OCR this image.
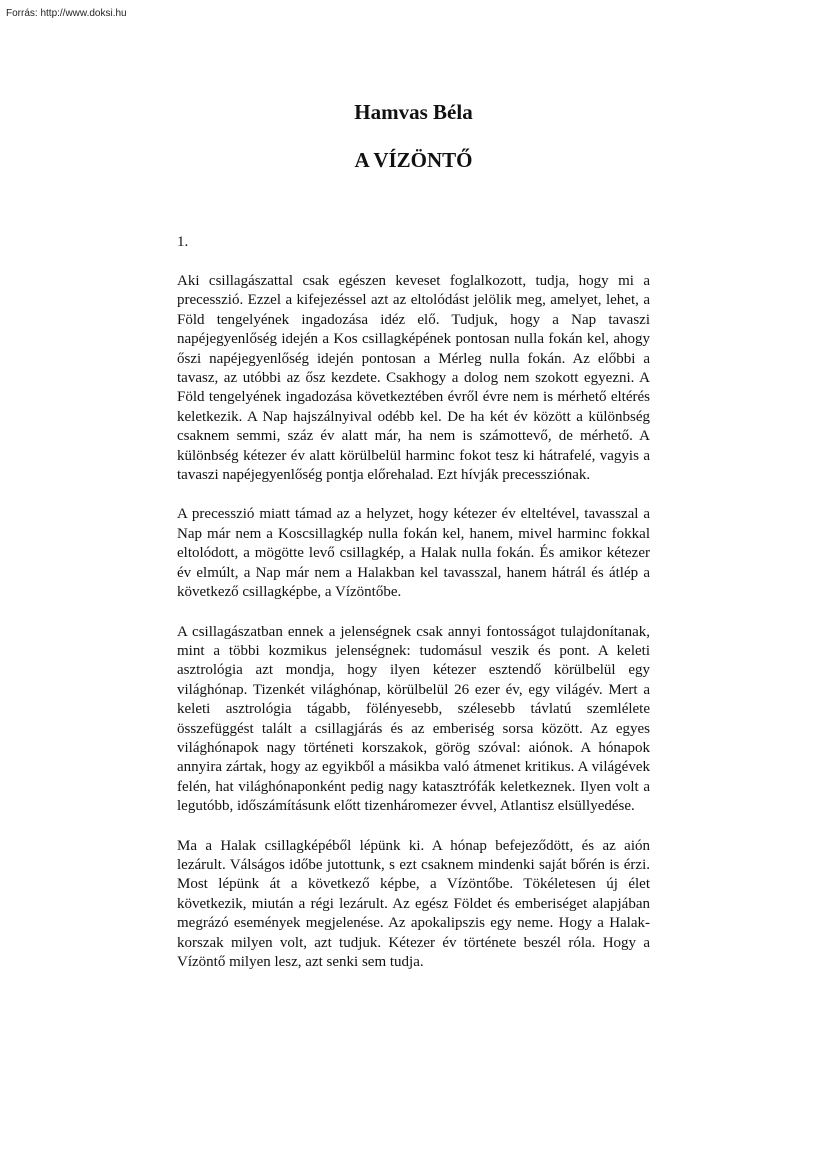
Forrás: http://www.doksi.hu
Hamvas Béla
A VÍZÖNTŐ

1.

Aki csillagászattal csak egészen keveset foglalkozott, tudja, hogy mi a precesszió. Ezzel a kifejezéssel azt az eltolódást jelölik meg, amelyet, lehet, a Föld tengelyének ingadozása idéz elő. Tudjuk, hogy a Nap tavaszi napéjegyenlőség idején a Kos csillagképének pontosan nulla fokán kel, ahogy őszi napéjegyenlőség idején pontosan a Mérleg nulla fokán. Az előbbi a tavasz, az utóbbi az ősz kezdete. Csakhogy a dolog nem szokott egyezni. A Föld tengelyének ingadozása következtében évről évre nem is mérhető eltérés keletkezik. A Nap hajszálnyival odébb kel. De ha két év között a különbség csaknem semmi, száz év alatt már, ha nem is számottevő, de mérhető. A különbség kétezer év alatt körülbelül harminc fokot tesz ki hátrafelé, vagyis a tavaszi napéjegyenlőség pontja előrehalad. Ezt hívják precessziónak.

A precesszió miatt támad az a helyzet, hogy kétezer év elteltével, tavasszal a Nap már nem a Koscsillagkép nulla fokán kel, hanem, mivel harminc fokkal eltolódott, a mögötte levő csillagkép, a Halak nulla fokán. És amikor kétezer év elmúlt, a Nap már nem a Halakban kel tavasszal, hanem hátrál és átlép a következő csillagképbe, a Vízöntőbe.

A csillagászatban ennek a jelenségnek csak annyi fontosságot tulajdonítanak, mint a többi kozmikus jelenségnek: tudomásul veszik és pont. A keleti asztrológia azt mondja, hogy ilyen kétezer esztendő körülbelül egy világhónap. Tizenkét világhónap, körülbelül 26 ezer év, egy világév. Mert a keleti asztrológia tágabb, fölényesebb, szélesebb távlatú szemlélete összefüggést talált a csillagjárás és az emberiség sorsa között. Az egyes világhónapok nagy történeti korszakok, görög szóval: aiónok. A hónapok annyira zártak, hogy az egyikből a másikba való átmenet kritikus. A világévek felén, hat világhónaponként pedig nagy katasztrófák keletkeznek. Ilyen volt a legutóbb, időszámításunk előtt tizenháromezer évvel, Atlantisz elsüllyedése.

Ma a Halak csillagképéből lépünk ki. A hónap befejeződött, és az aión lezárult. Válságos időbe jutottunk, s ezt csaknem mindenki saját bőrén is érzi. Most lépünk át a következő képbe, a Vízöntőbe. Tökéletesen új élet következik, miután a régi lezárult. Az egész Földet és emberiséget alapjában megrázó események megjelenése. Az apokalipszis egy neme. Hogy a Halak-korszak milyen volt, azt tudjuk. Kétezer év története beszél róla. Hogy a Vízöntő milyen lesz, azt senki sem tudja.
